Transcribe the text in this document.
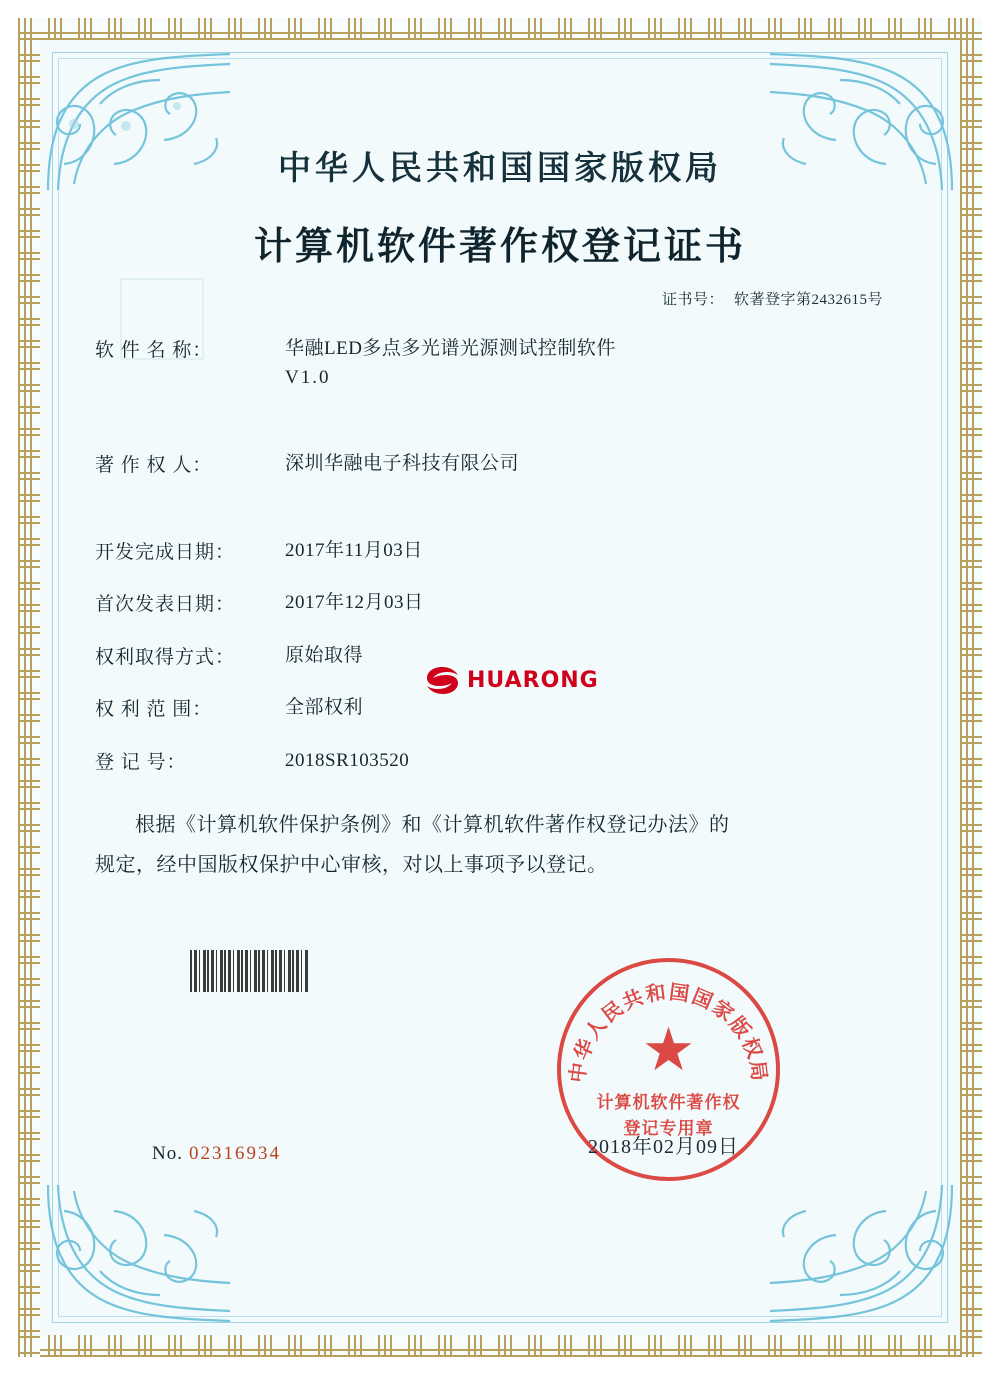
中华人民共和国国家版权局
计算机软件著作权登记证书
证书号： 软著登字第2432615号
软 件 名 称：	华融LED多点多光谱光源测试控制软件
V1.0
著 作 权 人：	深圳华融电子科技有限公司
开发完成日期：	2017年11月03日
首次发表日期：	2017年12月03日
权利取得方式：	原始取得
权 利 范 围：	全部权利
登 记 号：	2018SR103520
根据《计算机软件保护条例》和《计算机软件著作权登记办法》的
规定，经中国版权保护中心审核，对以上事项予以登记。
HUARONG
中华人民共和国国家版权局
★
计算机软件著作权
登记专用章
2018年02月09日
No. 02316934
